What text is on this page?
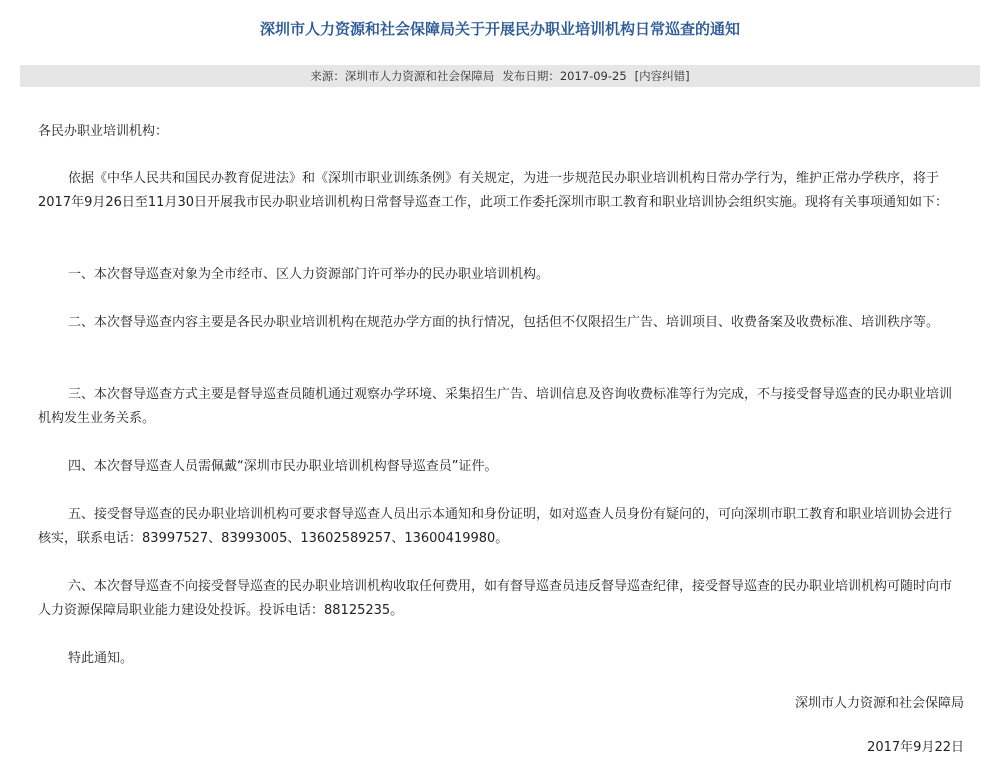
深圳市人力资源和社会保障局关于开展民办职业培训机构日常巡查的通知
来源：深圳市人力资源和社会保障局 发布日期：2017-09-25 [内容纠错]
各民办职业培训机构：
依据《中华人民共和国民办教育促进法》和《深圳市职业训练条例》有关规定，为进一步规范民办职业培训机构日常办学行为，维护正常办学秩序，将于2017年9月26日至11月30日开展我市民办职业培训机构日常督导巡查工作，此项工作委托深圳市职工教育和职业培训协会组织实施。现将有关事项通知如下：
一、本次督导巡查对象为全市经市、区人力资源部门许可举办的民办职业培训机构。
二、本次督导巡查内容主要是各民办职业培训机构在规范办学方面的执行情况，包括但不仅限招生广告、培训项目、收费备案及收费标准、培训秩序等。
三、本次督导巡查方式主要是督导巡查员随机通过观察办学环境、采集招生广告、培训信息及咨询收费标准等行为完成，不与接受督导巡查的民办职业培训机构发生业务关系。
四、本次督导巡查人员需佩戴“深圳市民办职业培训机构督导巡查员”证件。
五、接受督导巡查的民办职业培训机构可要求督导巡查人员出示本通知和身份证明，如对巡查人员身份有疑问的，可向深圳市职工教育和职业培训协会进行核实，联系电话：83997527、83993005、13602589257、13600419980。
六、本次督导巡查不向接受督导巡查的民办职业培训机构收取任何费用，如有督导巡查员违反督导巡查纪律，接受督导巡查的民办职业培训机构可随时向市人力资源保障局职业能力建设处投诉。投诉电话：88125235。
特此通知。
深圳市人力资源和社会保障局
2017年9月22日
